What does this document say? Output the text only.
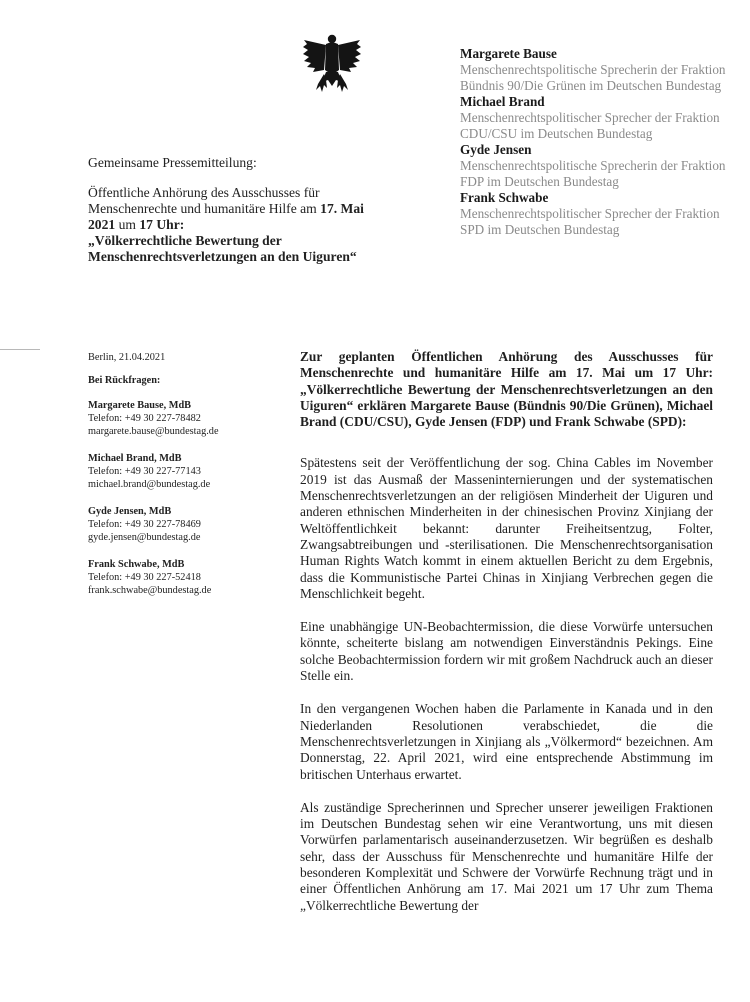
Margarete Bause
Menschenrechtspolitische Sprecherin der Fraktion Bündnis 90/Die Grünen im Deutschen Bundestag
Michael Brand
Menschenrechtspolitischer Sprecher der Fraktion CDU/CSU im Deutschen Bundestag
Gyde Jensen
Menschenrechtspolitische Sprecherin der Fraktion FDP im Deutschen Bundestag
Frank Schwabe
Menschenrechtspolitischer Sprecher der Fraktion SPD im Deutschen Bundestag
Gemeinsame Pressemitteilung:
Öffentliche Anhörung des Ausschusses für Menschenrechte und humanitäre Hilfe am 17. Mai 2021 um 17 Uhr:
„Völkerrechtliche Bewertung der Menschenrechtsverletzungen an den Uiguren“
Berlin, 21.04.2021
Bei Rückfragen:
Margarete Bause, MdB
Telefon: +49 30 227-78482
margarete.bause@bundestag.de
Michael Brand, MdB
Telefon: +49 30 227-77143
michael.brand@bundestag.de
Gyde Jensen, MdB
Telefon: +49 30 227-78469
gyde.jensen@bundestag.de
Frank Schwabe, MdB
Telefon: +49 30 227-52418
frank.schwabe@bundestag.de

Zur geplanten Öffentlichen Anhörung des Ausschusses für Menschenrechte und humanitäre Hilfe am 17. Mai um 17 Uhr: „Völkerrechtliche Bewertung der Menschenrechtsverletzungen an den Uiguren“ erklären Margarete Bause (Bündnis 90/Die Grünen), Michael Brand (CDU/CSU), Gyde Jensen (FDP) und Frank Schwabe (SPD):

Spätestens seit der Veröffentlichung der sog. China Cables im November 2019 ist das Ausmaß der Masseninternierungen und der systematischen Menschenrechtsverletzungen an der religiösen Minderheit der Uiguren und anderen ethnischen Minderheiten in der chinesischen Provinz Xinjiang der Weltöffentlichkeit bekannt: darunter Freiheitsentzug, Folter, Zwangsabtreibungen und -sterilisationen. Die Menschenrechtsorganisation Human Rights Watch kommt in einem aktuellen Bericht zu dem Ergebnis, dass die Kommunistische Partei Chinas in Xinjiang Verbrechen gegen die Menschlichkeit begeht.

Eine unabhängige UN-Beobachtermission, die diese Vorwürfe untersuchen könnte, scheiterte bislang am notwendigen Einverständnis Pekings. Eine solche Beobachtermission fordern wir mit großem Nachdruck auch an dieser Stelle ein.

In den vergangenen Wochen haben die Parlamente in Kanada und in den Niederlanden Resolutionen verabschiedet, die die Menschenrechtsverletzungen in Xinjiang als „Völkermord“ bezeichnen. Am Donnerstag, 22. April 2021, wird eine entsprechende Abstimmung im britischen Unterhaus erwartet.

Als zuständige Sprecherinnen und Sprecher unserer jeweiligen Fraktionen im Deutschen Bundestag sehen wir eine Verantwortung, uns mit diesen Vorwürfen parlamentarisch auseinanderzusetzen. Wir begrüßen es deshalb sehr, dass der Ausschuss für Menschenrechte und humanitäre Hilfe der besonderen Komplexität und Schwere der Vorwürfe Rechnung trägt und in einer Öffentlichen Anhörung am 17. Mai 2021 um 17 Uhr zum Thema „Völkerrechtliche Bewertung der
